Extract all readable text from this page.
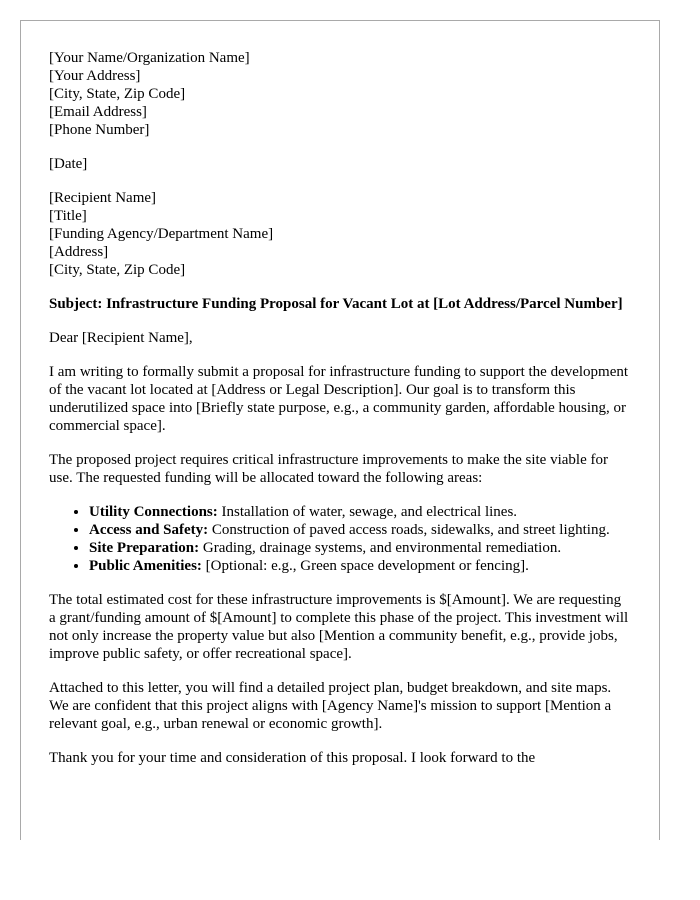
[Your Name/Organization Name]
[Your Address]
[City, State, Zip Code]
[Email Address]
[Phone Number]
[Date]
[Recipient Name]
[Title]
[Funding Agency/Department Name]
[Address]
[City, State, Zip Code]

Subject: Infrastructure Funding Proposal for Vacant Lot at [Lot Address/Parcel Number]

Dear [Recipient Name],

I am writing to formally submit a proposal for infrastructure funding to support the development of the vacant lot located at [Address or Legal Description]. Our goal is to transform this underutilized space into [Briefly state purpose, e.g., a community garden, affordable housing, or commercial space].

The proposed project requires critical infrastructure improvements to make the site viable for use. The requested funding will be allocated toward the following areas:

• Utility Connections: Installation of water, sewage, and electrical lines.
• Access and Safety: Construction of paved access roads, sidewalks, and street lighting.
• Site Preparation: Grading, drainage systems, and environmental remediation.
• Public Amenities: [Optional: e.g., Green space development or fencing].

The total estimated cost for these infrastructure improvements is $[Amount]. We are requesting a grant/funding amount of $[Amount] to complete this phase of the project. This investment will not only increase the property value but also [Mention a community benefit, e.g., provide jobs, improve public safety, or offer recreational space].

Attached to this letter, you will find a detailed project plan, budget breakdown, and site maps. We are confident that this project aligns with [Agency Name]'s mission to support [Mention a relevant goal, e.g., urban renewal or economic growth].

Thank you for your time and consideration of this proposal. I look forward to the
